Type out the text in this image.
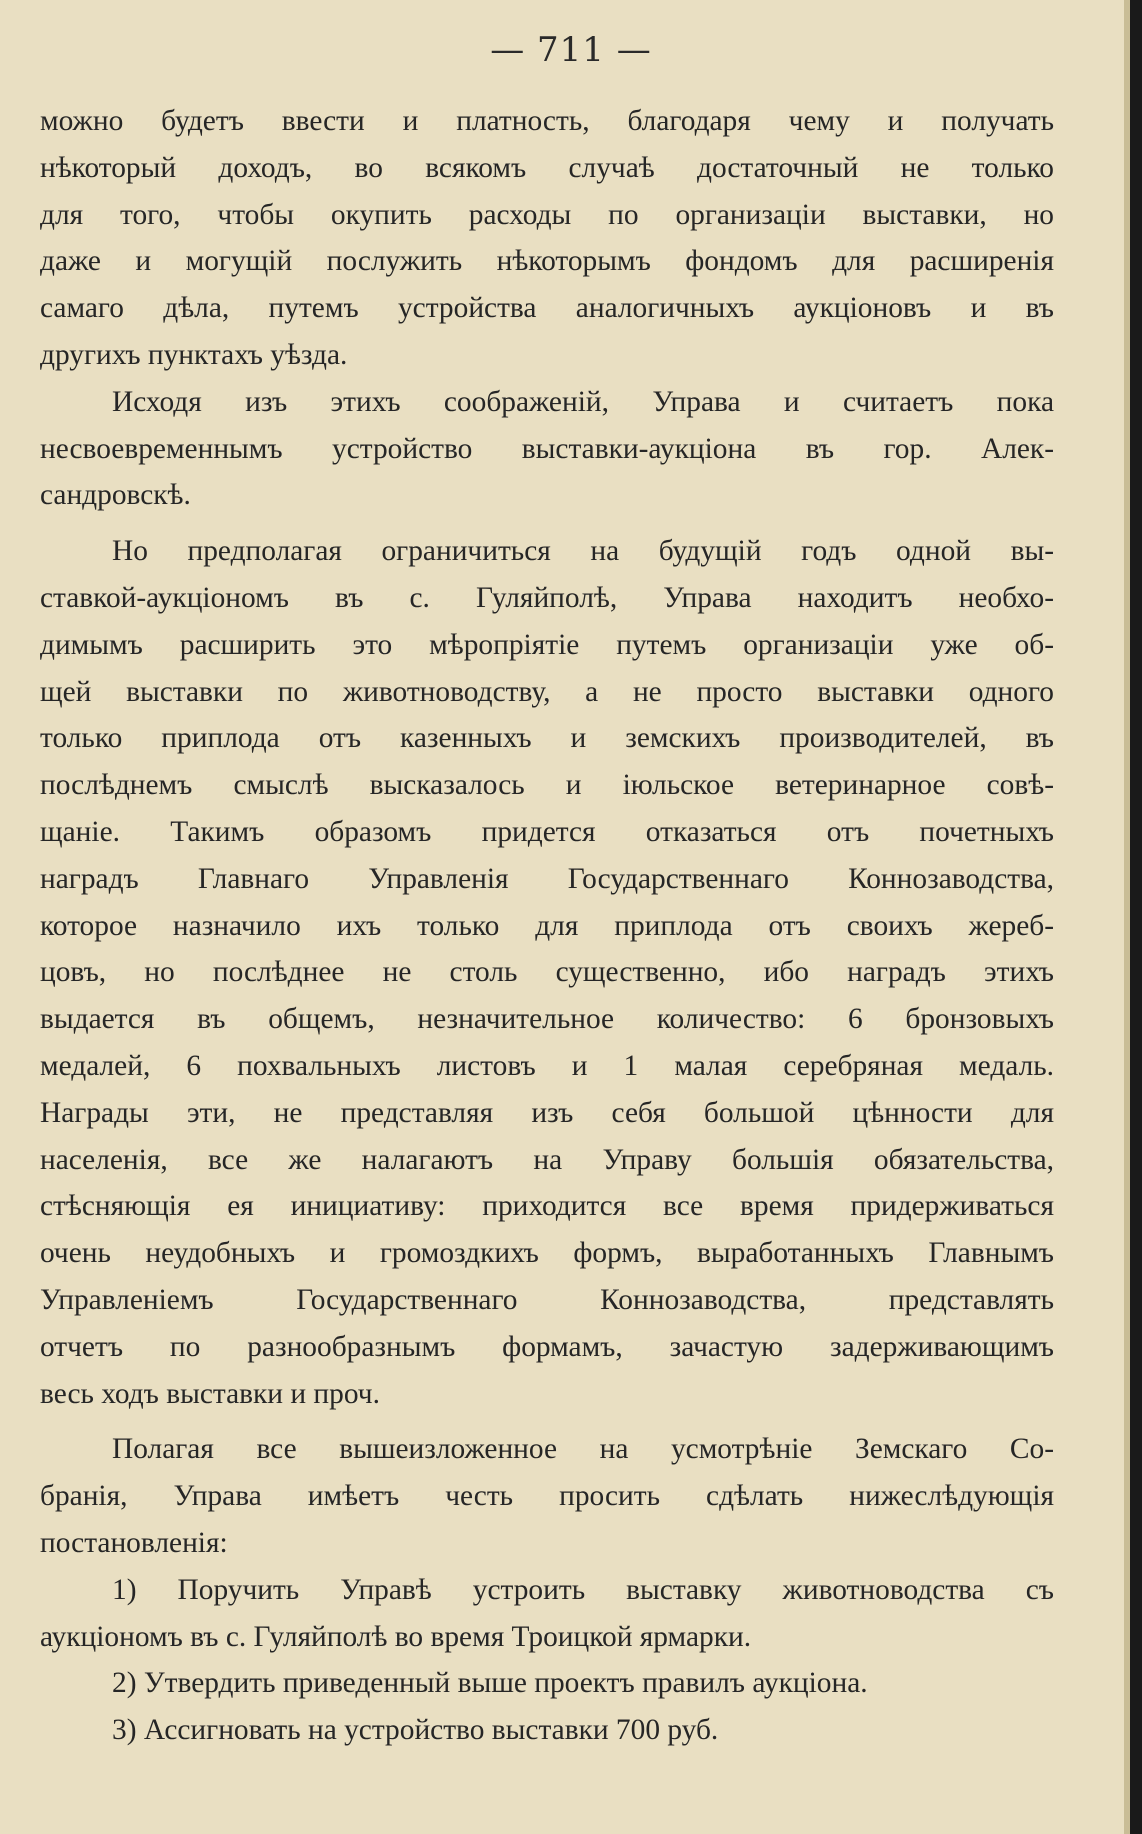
— 711 —
можно будетъ ввести и платность, благодаря чему и получать
нѣкоторый доходъ, во всякомъ случаѣ достаточный не только
для того, чтобы окупить расходы по организаціи выставки, но
даже и могущій послужить нѣкоторымъ фондомъ для расширенія
самаго дѣла, путемъ устройства аналогичныхъ аукціоновъ и въ
другихъ пунктахъ уѣзда.
Исходя изъ этихъ соображеній, Управа и считаетъ пока
несвоевременнымъ устройство выставки-аукціона въ гор. Алек-
сандровскѣ.
Но предполагая ограничиться на будущій годъ одной вы-
ставкой-аукціономъ въ с. Гуляйполѣ, Управа находитъ необхо-
димымъ расширить это мѣропріятіе путемъ организаціи уже об-
щей выставки по животноводству, а не просто выставки одного
только приплода отъ казенныхъ и земскихъ производителей, въ
послѣднемъ смыслѣ высказалось и іюльское ветеринарное совѣ-
щаніе. Такимъ образомъ придется отказаться отъ почетныхъ
наградъ Главнаго Управленія Государственнаго Коннозаводства,
которое назначило ихъ только для приплода отъ своихъ жереб-
цовъ, но послѣднее не столь существенно, ибо наградъ этихъ
выдается въ общемъ, незначительное количество: 6 бронзовыхъ
медалей, 6 похвальныхъ листовъ и 1 малая серебряная медаль.
Награды эти, не представляя изъ себя большой цѣнности для
населенія, все же налагаютъ на Управу большія обязательства,
стѣсняющія ея инициативу: приходится все время придерживаться
очень неудобныхъ и громоздкихъ формъ, выработанныхъ Главнымъ
Управленіемъ Государственнаго Коннозаводства, представлять
отчетъ по разнообразнымъ формамъ, зачастую задерживающимъ
весь ходъ выставки и проч.
Полагая все вышеизложенное на усмотрѣніе Земскаго Со-
бранія, Управа имѣетъ честь просить сдѣлать нижеслѣдующія
постановленія:
1) Поручить Управѣ устроить выставку животноводства съ
аукціономъ въ с. Гуляйполѣ во время Троицкой ярмарки.
2) Утвердить приведенный выше проектъ правилъ аукціона.
3) Ассигновать на устройство выставки 700 руб.
